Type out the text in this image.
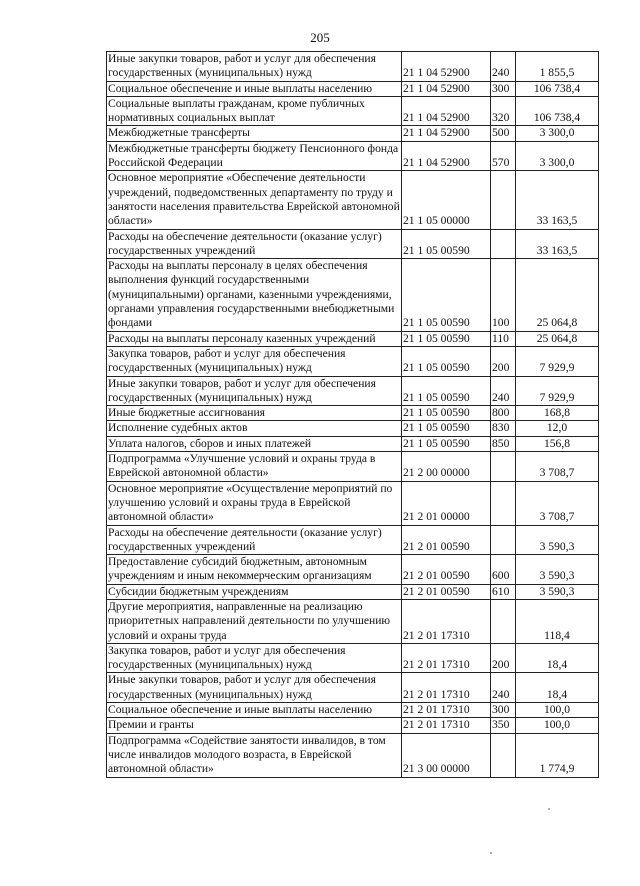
205
Иные закупки товаров, работ и услуг для обеспечения государственных (муниципальных) нужд	21 1 04 52900	240	1 855,5
Социальное обеспечение и иные выплаты населению	21 1 04 52900	300	106 738,4
Социальные выплаты гражданам, кроме публичных нормативных социальных выплат	21 1 04 52900	320	106 738,4
Межбюджетные трансферты	21 1 04 52900	500	3 300,0
Межбюджетные трансферты бюджету Пенсионного фонда Российской Федерации	21 1 04 52900	570	3 300,0
Основное мероприятие «Обеспечение деятельности учреждений, подведомственных департаменту по труду и занятости населения правительства Еврейской автономной области»	21 1 05 00000		33 163,5
Расходы на обеспечение деятельности (оказание услуг) государственных учреждений	21 1 05 00590		33 163,5
Расходы на выплаты персоналу в целях обеспечения выполнения функций государственными (муниципальными) органами, казенными учреждениями, органами управления государственными внебюджетными фондами	21 1 05 00590	100	25 064,8
Расходы на выплаты персоналу казенных учреждений	21 1 05 00590	110	25 064,8
Закупка товаров, работ и услуг для обеспечения государственных (муниципальных) нужд	21 1 05 00590	200	7 929,9
Иные закупки товаров, работ и услуг для обеспечения государственных (муниципальных) нужд	21 1 05 00590	240	7 929,9
Иные бюджетные ассигнования	21 1 05 00590	800	168,8
Исполнение судебных актов	21 1 05 00590	830	12,0
Уплата налогов, сборов и иных платежей	21 1 05 00590	850	156,8
Подпрограмма «Улучшение условий и охраны труда в Еврейской автономной области»	21 2 00 00000		3 708,7
Основное мероприятие «Осуществление мероприятий по улучшению условий и охраны труда в Еврейской автономной области»	21 2 01 00000		3 708,7
Расходы на обеспечение деятельности (оказание услуг) государственных учреждений	21 2 01 00590		3 590,3
Предоставление субсидий бюджетным, автономным учреждениям и иным некоммерческим организациям	21 2 01 00590	600	3 590,3
Субсидии бюджетным учреждениям	21 2 01 00590	610	3 590,3
Другие мероприятия, направленные на реализацию приоритетных направлений деятельности по улучшению условий и охраны труда	21 2 01 17310		118,4
Закупка товаров, работ и услуг для обеспечения государственных (муниципальных) нужд	21 2 01 17310	200	18,4
Иные закупки товаров, работ и услуг для обеспечения государственных (муниципальных) нужд	21 2 01 17310	240	18,4
Социальное обеспечение и иные выплаты населению	21 2 01 17310	300	100,0
Премии и гранты	21 2 01 17310	350	100,0
Подпрограмма «Содействие занятости инвалидов, в том числе инвалидов молодого возраста, в Еврейской автономной области»	21 3 00 00000		1 774,9
